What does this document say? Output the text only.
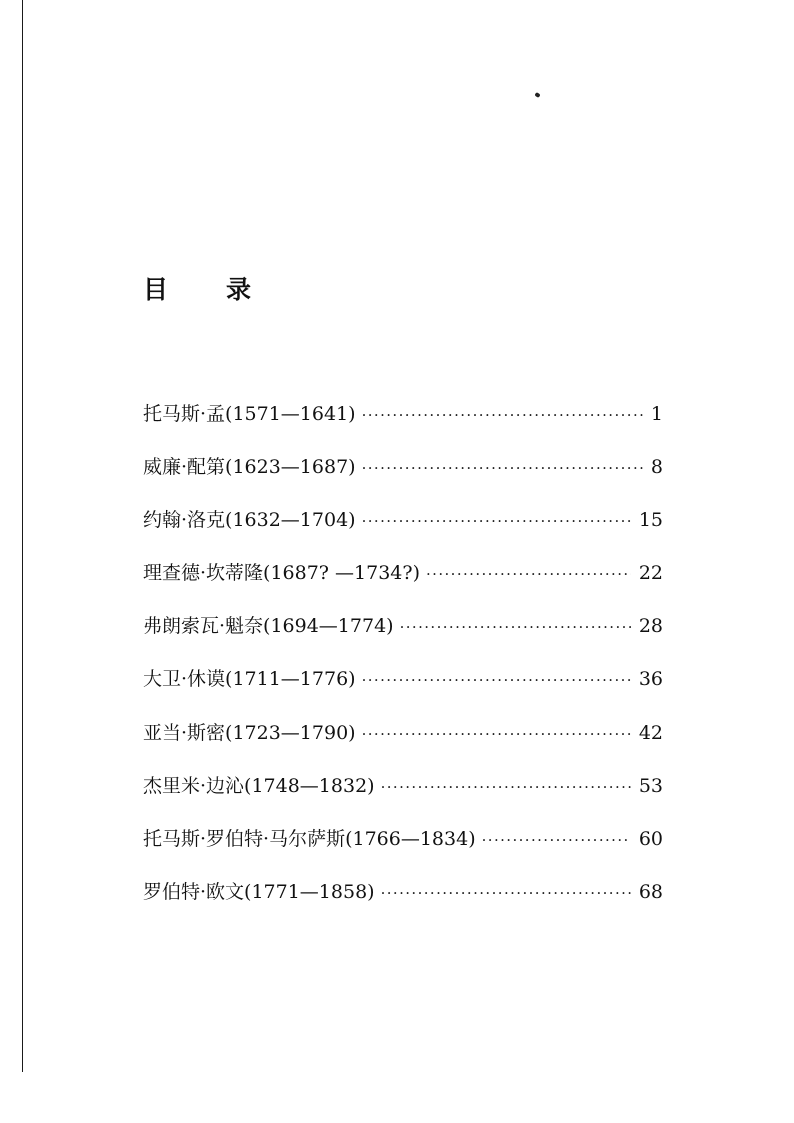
目 录
托马斯·孟(1571—1641) ·····	1
威廉·配第(1623—1687) ·····	8
约翰·洛克(1632—1704) ·····	15
理查德·坎蒂隆(1687? —1734?) ·····	22
弗朗索瓦·魁奈(1694—1774) ·····	28
大卫·休谟(1711—1776) ·····	36
亚当·斯密(1723—1790) ·····	42
杰里米·边沁(1748—1832) ·····	53
托马斯·罗伯特·马尔萨斯(1766—1834) ·····	60
罗伯特·欧文(1771—1858) ·····	68
